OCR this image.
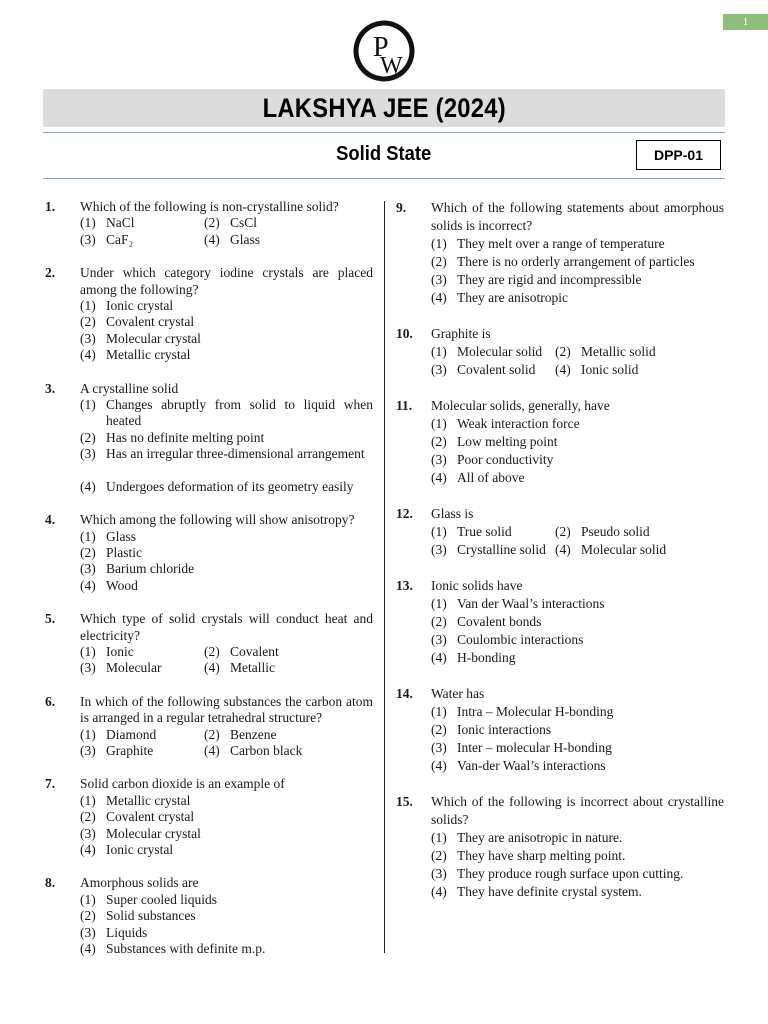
1
P
W
LAKSHYA JEE (2024)
Solid State	DPP-01
1. Which of the following is non-crystalline solid?
(1) NaCl	(2) CsCl
(3) CaF₂	(4) Glass
2. Under which category iodine crystals are placed among the following?
(1) Ionic crystal
(2) Covalent crystal
(3) Molecular crystal
(4) Metallic crystal
3. A crystalline solid
(1) Changes abruptly from solid to liquid when heated
(2) Has no definite melting point
(3) Has an irregular three-dimensional arrangement
(4) Undergoes deformation of its geometry easily
4. Which among the following will show anisotropy?
(1) Glass
(2) Plastic
(3) Barium chloride
(4) Wood
5. Which type of solid crystals will conduct heat and electricity?
(1) Ionic	(2) Covalent
(3) Molecular	(4) Metallic
6. In which of the following substances the carbon atom is arranged in a regular tetrahedral structure?
(1) Diamond	(2) Benzene
(3) Graphite	(4) Carbon black
7. Solid carbon dioxide is an example of
(1) Metallic crystal
(2) Covalent crystal
(3) Molecular crystal
(4) Ionic crystal
8. Amorphous solids are
(1) Super cooled liquids
(2) Solid substances
(3) Liquids
(4) Substances with definite m.p.
9. Which of the following statements about amorphous solids is incorrect?
(1) They melt over a range of temperature
(2) There is no orderly arrangement of particles
(3) They are rigid and incompressible
(4) They are anisotropic
10. Graphite is
(1) Molecular solid (2) Metallic solid
(3) Covalent solid	(4) Ionic solid
11. Molecular solids, generally, have
(1) Weak interaction force
(2) Low melting point
(3) Poor conductivity
(4) All of above
12. Glass is
(1) True solid	(2) Pseudo solid
(3) Crystalline solid (4) Molecular solid
13. Ionic solids have
(1) Van der Waal’s interactions
(2) Covalent bonds
(3) Coulombic interactions
(4) H-bonding
14. Water has
(1) Intra – Molecular H-bonding
(2) Ionic interactions
(3) Inter – molecular H-bonding
(4) Van-der Waal’s interactions
15. Which of the following is incorrect about crystalline solids?
(1) They are anisotropic in nature.
(2) They have sharp melting point.
(3) They produce rough surface upon cutting.
(4) They have definite crystal system.
